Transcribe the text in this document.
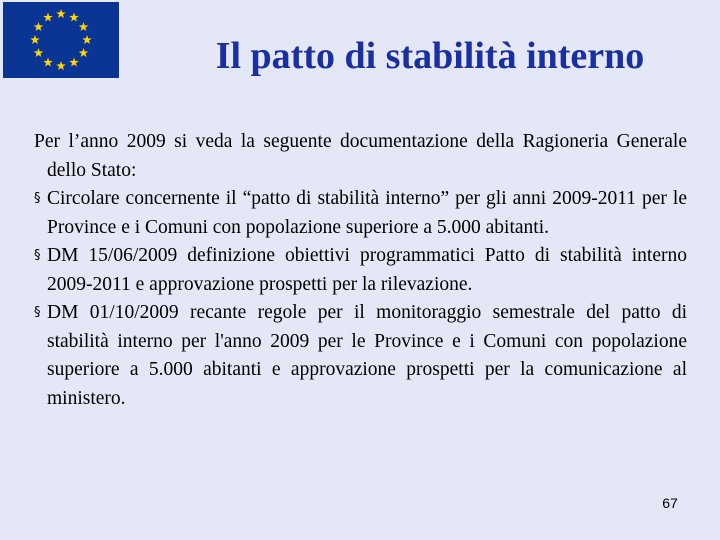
Il patto di stabilità interno

Per l’anno 2009 si veda la seguente documentazione della Ragioneria Generale dello Stato:

§ Circolare concernente il “patto di stabilità interno” per gli anni 2009-2011 per le Province e i Comuni con popolazione superiore a 5.000 abitanti.

§ DM 15/06/2009 definizione obiettivi programmatici Patto di stabilità interno 2009-2011 e approvazione prospetti per la rilevazione.

§ DM 01/10/2009 recante regole per il monitoraggio semestrale del patto di stabilità interno per l'anno 2009 per le Province e i Comuni con popolazione superiore a 5.000 abitanti e approvazione prospetti per la comunicazione al ministero.

67
